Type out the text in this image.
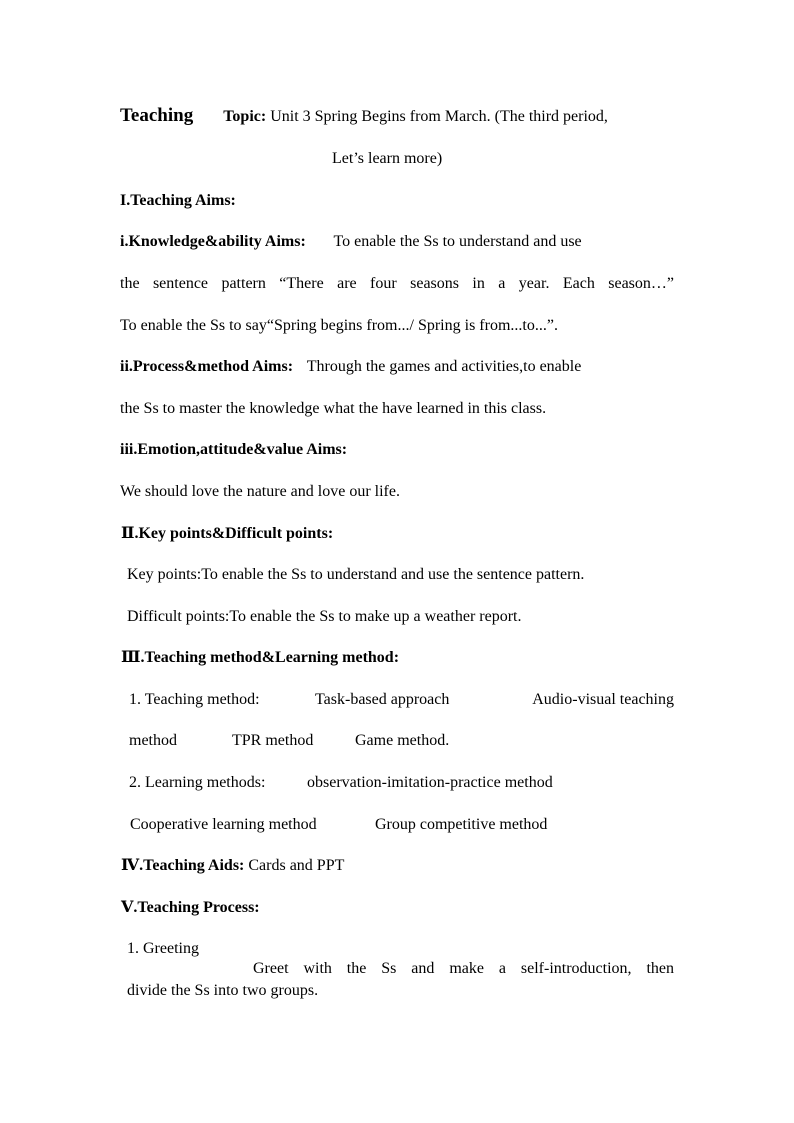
Teaching Topic: Unit 3 Spring Begins from March. (The third period,
Let’s learn more)
I.Teaching Aims:
i.Knowledge&ability Aims: To enable the Ss to understand and use
the sentence pattern “There are four seasons in a year. Each season…”
To enable the Ss to say“Spring begins from.../ Spring is from...to...”.
ii.Process&method Aims: Through the games and activities,to enable
the Ss to master the knowledge what the have learned in this class.
iii.Emotion,attitude&value Aims:
We should love the nature and love our life.
Ⅱ.Key points&Difficult points:
Key points:To enable the Ss to understand and use the sentence pattern.
Difficult points:To enable the Ss to make up a weather report.
Ⅲ.Teaching method&Learning method:
1. Teaching method:	Task-based approach	Audio-visual teaching
method	TPR method	Game method.
2. Learning methods:	observation-imitation-practice method
Cooperative learning method	Group competitive method
Ⅳ.Teaching Aids: Cards and PPT
Ⅴ.Teaching Process:
1. Greeting
Greet with the Ss and make a self-introduction, then
divide the Ss into two groups.
